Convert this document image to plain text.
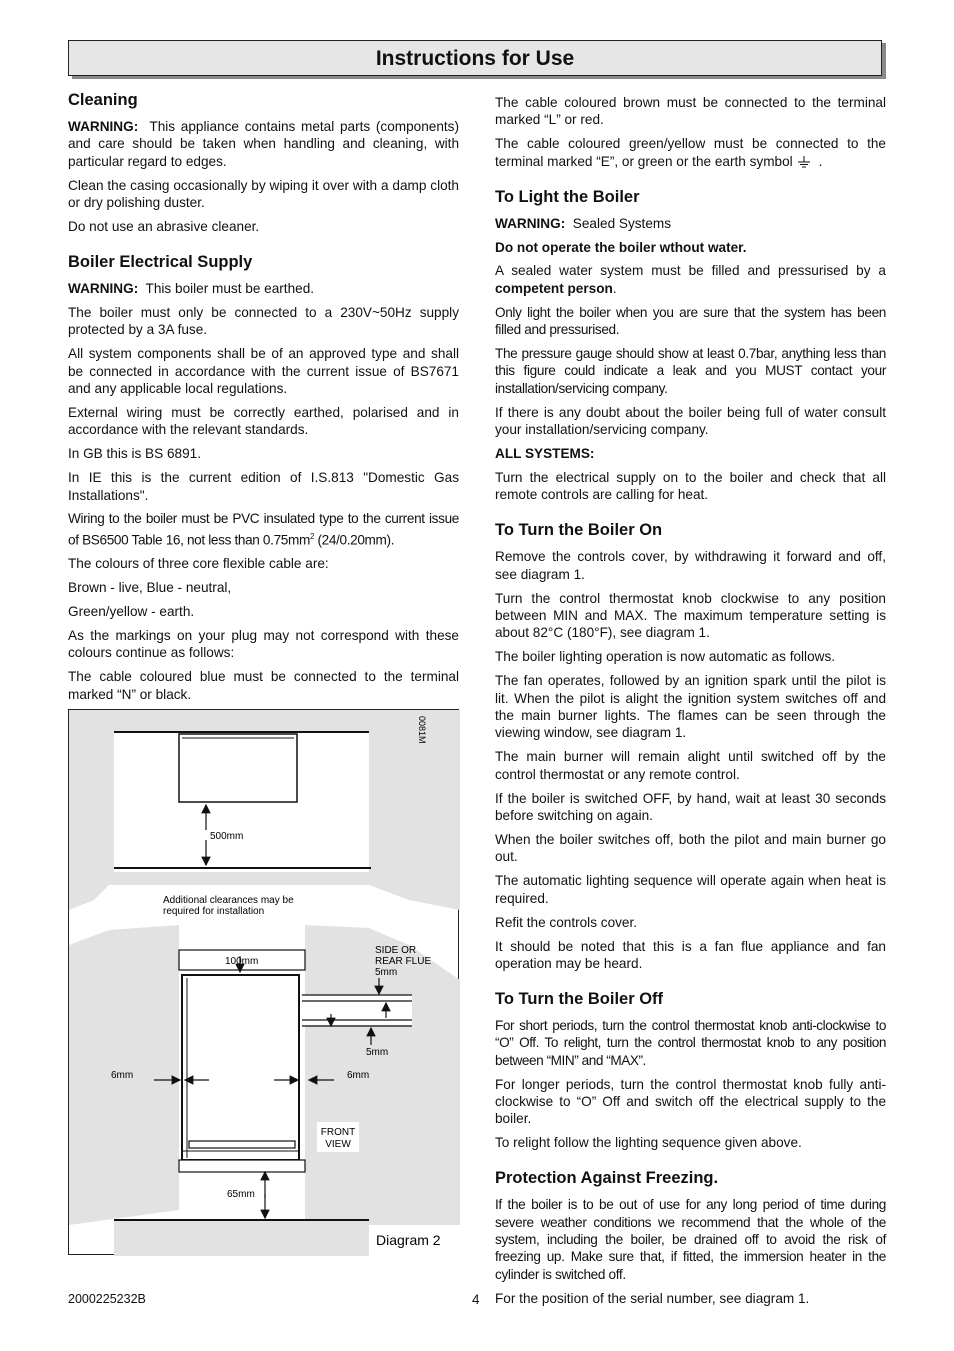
Instructions for Use
Cleaning

WARNING: This appliance contains metal parts (components) and care should be taken when handling and cleaning, with particular regard to edges.

Clean the casing occasionally by wiping it over with a damp cloth or dry polishing duster.

Do not use an abrasive cleaner.

Boiler Electrical Supply

WARNING: This boiler must be earthed.

The boiler must only be connected to a 230V~50Hz supply protected by a 3A fuse.

All system components shall be of an approved type and shall be connected in accordance with the current issue of BS7671 and any applicable local regulations.

External wiring must be correctly earthed, polarised and in accordance with the relevant standards.

In GB this is BS 6891.

In IE this is the current edition of I.S.813 "Domestic Gas Installations".

Wiring to the boiler must be PVC insulated type to the current issue of BS6500 Table 16, not less than $0.75mm^2$ (24/0.20mm).

The colours of three core flexible cable are:

Brown - live, Blue - neutral,

Green/yellow - earth.

As the markings on your plug may not correspond with these colours continue as follows:

The cable coloured blue must be connected to the terminal marked “N” or black.

500mm
Additional clearances may be
required for installation
0081M
100mm
6mm	6mm
SIDE OR
REAR FLUE
5mm
5mm
FRONT
VIEW
65mm
Diagram 2

The cable coloured brown must be connected to the terminal marked “L” or red.

The cable coloured green/yellow must be connected to the terminal marked “E”, or green or the earth symbol .

To Light the Boiler

WARNING: Sealed Systems

Do not operate the boiler wthout water.

A sealed water system must be filled and pressurised by a competent person.

Only light the boiler when you are sure that the system has been filled and pressurised.

The pressure gauge should show at least 0.7bar, anything less than this figure could indicate a leak and you MUST contact your installation/servicing company.

If there is any doubt about the boiler being full of water consult your installation/servicing company.

ALL SYSTEMS:

Turn the electrical supply on to the boiler and check that all remote controls are calling for heat.

To Turn the Boiler On

Remove the controls cover, by withdrawing it forward and off, see diagram 1.

Turn the control thermostat knob clockwise to any position between MIN and MAX. The maximum temperature setting is about 82°C (180°F), see diagram 1.

The boiler lighting operation is now automatic as follows.

The fan operates, followed by an ignition spark until the pilot is lit. When the pilot is alight the ignition system switches off and the main burner lights. The flames can be seen through the viewing window, see diagram 1.

The main burner will remain alight until switched off by the control thermostat or any remote control.

If the boiler is switched OFF, by hand, wait at least 30 seconds before switching on again.

When the boiler switches off, both the pilot and main burner go out.

The automatic lighting sequence will operate again when heat is required.

Refit the controls cover.

It should be noted that this is a fan flue appliance and fan operation may be heard.

To Turn the Boiler Off

For short periods, turn the control thermostat knob anti-clockwise to “O” Off. To relight, turn the control thermostat knob to any position between “MIN” and “MAX”.

For longer periods, turn the control thermostat knob fully anti-clockwise to “O” Off and switch off the electrical supply to the boiler.

To relight follow the lighting sequence given above.

Protection Against Freezing.

If the boiler is to be out of use for any long period of time during severe weather conditions we recommend that the whole of the system, including the boiler, be drained off to avoid the risk of freezing up. Make sure that, if fitted, the immersion heater in the cylinder is switched off.

For the position of the serial number, see diagram 1.

2000225232B	4
